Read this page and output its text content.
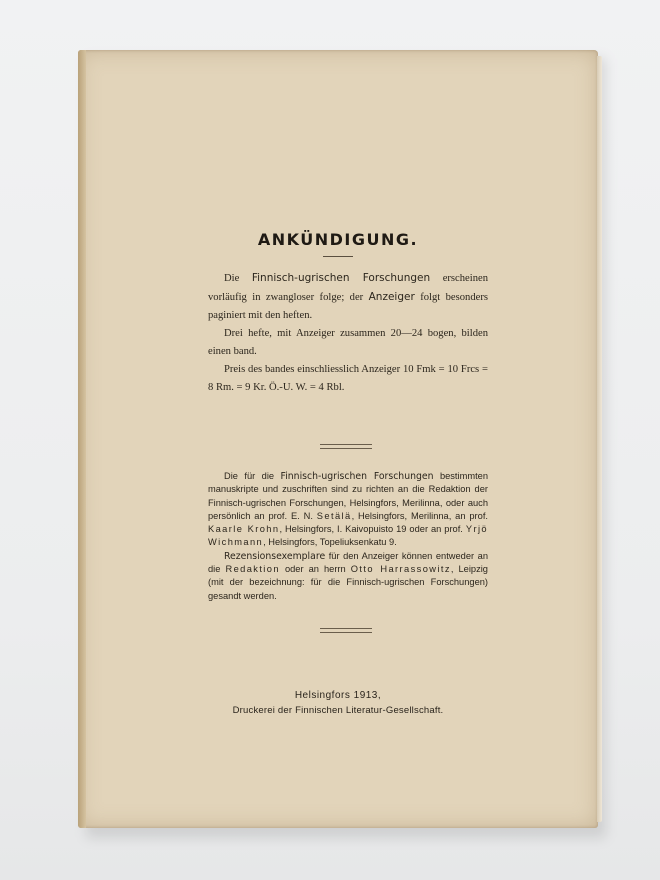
ANKÜNDIGUNG.

Die Finnisch-ugrischen Forschungen erscheinen vorläufig in zwangloser folge; der Anzeiger folgt besonders paginiert mit den heften.

Drei hefte, mit Anzeiger zusammen 20—24 bogen, bilden einen band.

Preis des bandes einschliesslich Anzeiger 10 Fmk = 10 Frcs = 8 Rm. = 9 Kr. Ö.-U. W. = 4 Rbl.

Die für die Finnisch-ugrischen Forschungen bestimmten manuskripte und zuschriften sind zu richten an die Redaktion der Finnisch-ugrischen Forschungen, Helsingfors, Merilinna, oder auch persönlich an prof. E. N. Setälä, Helsingfors, Merilinna, an prof. Kaarle Krohn, Helsingfors, I. Kaivopuisto 19 oder an prof. Yrjö Wichmann, Helsingfors, Topeliuksenkatu 9.

Rezensionsexemplare für den Anzeiger können entweder an die Redaktion oder an herrn Otto Harrassowitz, Leipzig (mit der bezeichnung: für die Finnisch-ugrischen Forschungen) gesandt werden.

Helsingfors 1913,
Druckerei der Finnischen Literatur-Gesellschaft.
